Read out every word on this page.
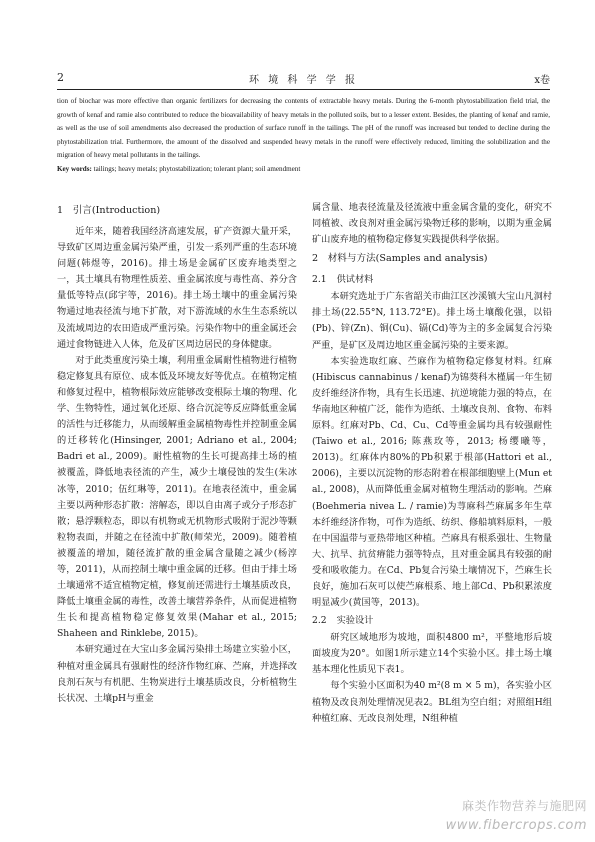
2	环 境 科 学 学 报	x卷

tion of biochar was more effective than organic fertilizers for decreasing the contents of extractable heavy metals. During the 6-month phytostabilization field trial, the growth of kenaf and ramie also contributed to reduce the bioavailability of heavy metals in the polluted soils, but to a lesser extent. Besides, the planting of kenaf and ramie, as well as the use of soil amendments also decreased the production of surface runoff in the tailings. The pH of the runoff was increased but tended to decline during the phytostabilization trial. Furthermore, the amount of the dissolved and suspended heavy metals in the runoff were effectively reduced, limiting the solubilization and the migration of heavy metal pollutants in the tailings.

Key words: tailings; heavy metals; phytostabilization; tolerant plant; soil amendment

1　引言(Introduction)

近年来，随着我国经济高速发展，矿产资源大量开采，导致矿区周边重金属污染严重，引发一系列严重的生态环境问题(韩煜等，2016)。排土场是金属矿区废弃地类型之一，其土壤具有物理性质差、重金属浓度与毒性高、养分含量低等特点(邱宇等，2016)。排土场土壤中的重金属污染物通过地表径流与地下扩散，对下游流域的水生生态系统以及流域周边的农田造成严重污染。污染作物中的重金属还会通过食物链进入人体，危及矿区周边居民的身体健康。

对于此类重度污染土壤，利用重金属耐性植物进行植物稳定修复具有原位、成本低及环境友好等优点。在植物定植和修复过程中，植物根际效应能够改变根际土壤的物理、化学、生物特性，通过氧化还原、络合沉淀等反应降低重金属的活性与迁移能力，从而缓解重金属植物毒性并控制重金属的迁移转化(Hinsinger, 2001; Adriano et al., 2004; Badri et al., 2009)。耐性植物的生长可提高排土场的植被覆盖，降低地表径流的产生，减少土壤侵蚀的发生(朱冰冰等，2010；伍红琳等，2011)。在地表径流中，重金属主要以两种形态扩散：溶解态，即以自由离子或分子形态扩散；悬浮颗粒态，即以有机物或无机物形式吸附于泥沙等颗粒物表面，并随之在径流中扩散(师荣光，2009)。随着植被覆盖的增加，随径流扩散的重金属含量随之减少(杨淳等，2011)，从而控制土壤中重金属的迁移。但由于排土场土壤通常不适宜植物定植，修复前还需进行土壤基质改良，降低土壤重金属的毒性，改善土壤营养条件，从而促进植物生长和提高植物稳定修复效果(Mahar et al., 2015; Shaheen and Rinklebe, 2015)。

本研究通过在大宝山多金属污染排土场建立实验小区，种植对重金属具有强耐性的经济作物红麻、苎麻，并选择改良剂石灰与有机肥、生物炭进行土壤基质改良，分析植物生长状况、土壤pH与重金

属含量、地表径流量及径流液中重金属含量的变化，研究不同植被、改良剂对重金属污染物迁移的影响，以期为重金属矿山废弃地的植物稳定修复实践提供科学依据。

2　材料与方法(Samples and analysis)
2.1 供试材料

本研究选址于广东省韶关市曲江区沙溪镇大宝山凡洞村排土场(22.55°N, 113.72°E)。排土场土壤酸化强，以铅(Pb)、锌(Zn)、铜(Cu)、镉(Cd)等为主的多金属复合污染严重，是矿区及周边地区重金属污染的主要来源。

本实验选取红麻、苎麻作为植物稳定修复材料。红麻(Hibiscus cannabinus / kenaf)为锦葵科木槿属一年生韧皮纤维经济作物，具有生长迅速、抗逆境能力强的特点，在华南地区种植广泛，能作为造纸、土壤改良剂、食物、布料原料。红麻对Pb、Cd、Cu、Cd等重金属均具有较强耐性(Taiwo et al., 2016; 陈燕玫等，2013; 杨缨曦等，2013)。红麻体内80%的Pb积累于根部(Hattori et al., 2006)，主要以沉淀物的形态附着在根部细胞壁上(Mun et al., 2008)，从而降低重金属对植物生理活动的影响。苎麻(Boehmeria nivea L. / ramie)为荨麻科苎麻属多年生草本纤维经济作物，可作为造纸、纺织、修船填料原料，一般在中国温带与亚热带地区种植。苎麻具有根系强壮、生物量大、抗旱、抗贫瘠能力强等特点，且对重金属具有较强的耐受和吸收能力。在Cd、Pb复合污染土壤情况下，苎麻生长良好，施加石灰可以使苎麻根系、地上部Cd、Pb积累浓度明显减少(黄国等，2013)。

2.2 实验设计

研究区域地形为坡地，面积4800 m²，平整地形后坡面坡度为20°。如图1所示建立14个实验小区。排土场土壤基本理化性质见下表1。

每个实验小区面积为40 m²(8 m × 5 m)，各实验小区植物及改良剂处理情况见表2。BL组为空白组；对照组H组种植红麻、无改良剂处理，N组种植

麻类作物营养与施肥网
www.fibercrops.com
